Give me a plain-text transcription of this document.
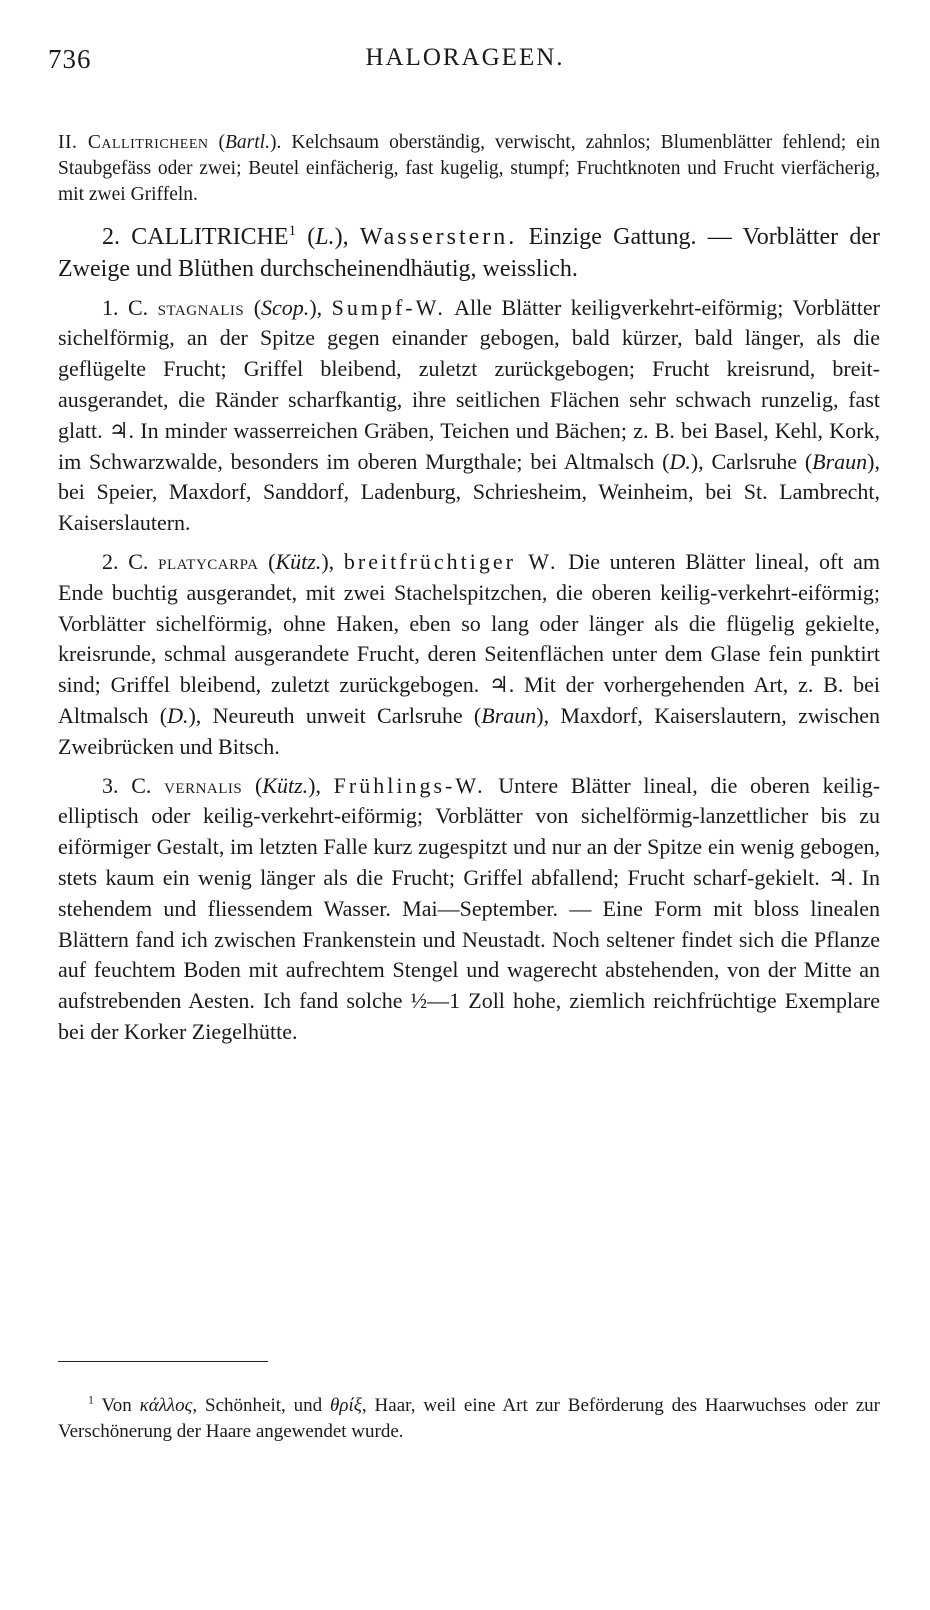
736	HALORAGEEN.

II. Callitricheen (Bartl.). Kelchsaum oberständig, verwischt, zahnlos; Blumenblätter fehlend; ein Staubgefäss oder zwei; Beutel einfächerig, fast kugelig, stumpf; Fruchtknoten und Frucht vierfächerig, mit zwei Griffeln.

2. CALLITRICHE$^1$ (L.), Wasserstern. Einzige Gattung. — Vorblätter der Zweige und Blüthen durchscheinendhäutig, weisslich.

1. C. stagnalis (Scop.), Sumpf-W. Alle Blätter keiligverkehrt-eiförmig; Vorblätter sichelförmig, an der Spitze gegen einander gebogen, bald kürzer, bald länger, als die geflügelte Frucht; Griffel bleibend, zuletzt zurückgebogen; Frucht kreisrund, breit-ausgerandet, die Ränder scharfkantig, ihre seitlichen Flächen sehr schwach runzelig, fast glatt. ♃. In minder wasserreichen Gräben, Teichen und Bächen; z. B. bei Basel, Kehl, Kork, im Schwarzwalde, besonders im oberen Murgthale; bei Altmalsch (D.), Carlsruhe (Braun), bei Speier, Maxdorf, Sanddorf, Ladenburg, Schriesheim, Weinheim, bei St. Lambrecht, Kaiserslautern.

2. C. platycarpa (Kütz.), breitfrüchtiger W. Die unteren Blätter lineal, oft am Ende buchtig ausgerandet, mit zwei Stachelspitzchen, die oberen keilig-verkehrt-eiförmig; Vorblätter sichelförmig, ohne Haken, eben so lang oder länger als die flügelig gekielte, kreisrunde, schmal ausgerandete Frucht, deren Seitenflächen unter dem Glase fein punktirt sind; Griffel bleibend, zuletzt zurückgebogen. ♃. Mit der vorhergehenden Art, z. B. bei Altmalsch (D.), Neureuth unweit Carlsruhe (Braun), Maxdorf, Kaiserslautern, zwischen Zweibrücken und Bitsch.

3. C. vernalis (Kütz.), Frühlings-W. Untere Blätter lineal, die oberen keilig-elliptisch oder keilig-verkehrt-eiförmig; Vorblätter von sichelförmig-lanzettlicher bis zu eiförmiger Gestalt, im letzten Falle kurz zugespitzt und nur an der Spitze ein wenig gebogen, stets kaum ein wenig länger als die Frucht; Griffel abfallend; Frucht scharf-gekielt. ♃. In stehendem und fliessendem Wasser. Mai—September. — Eine Form mit bloss linealen Blättern fand ich zwischen Frankenstein und Neustadt. Noch seltener findet sich die Pflanze auf feuchtem Boden mit aufrechtem Stengel und wagerecht abstehenden, von der Mitte an aufstrebenden Aesten. Ich fand solche ½—1 Zoll hohe, ziemlich reichfrüchtige Exemplare bei der Korker Ziegelhütte.

$^1$ Von κάλλος, Schönheit, und θρίξ, Haar, weil eine Art zur Beförderung des Haarwuchses oder zur Verschönerung der Haare angewendet wurde.
